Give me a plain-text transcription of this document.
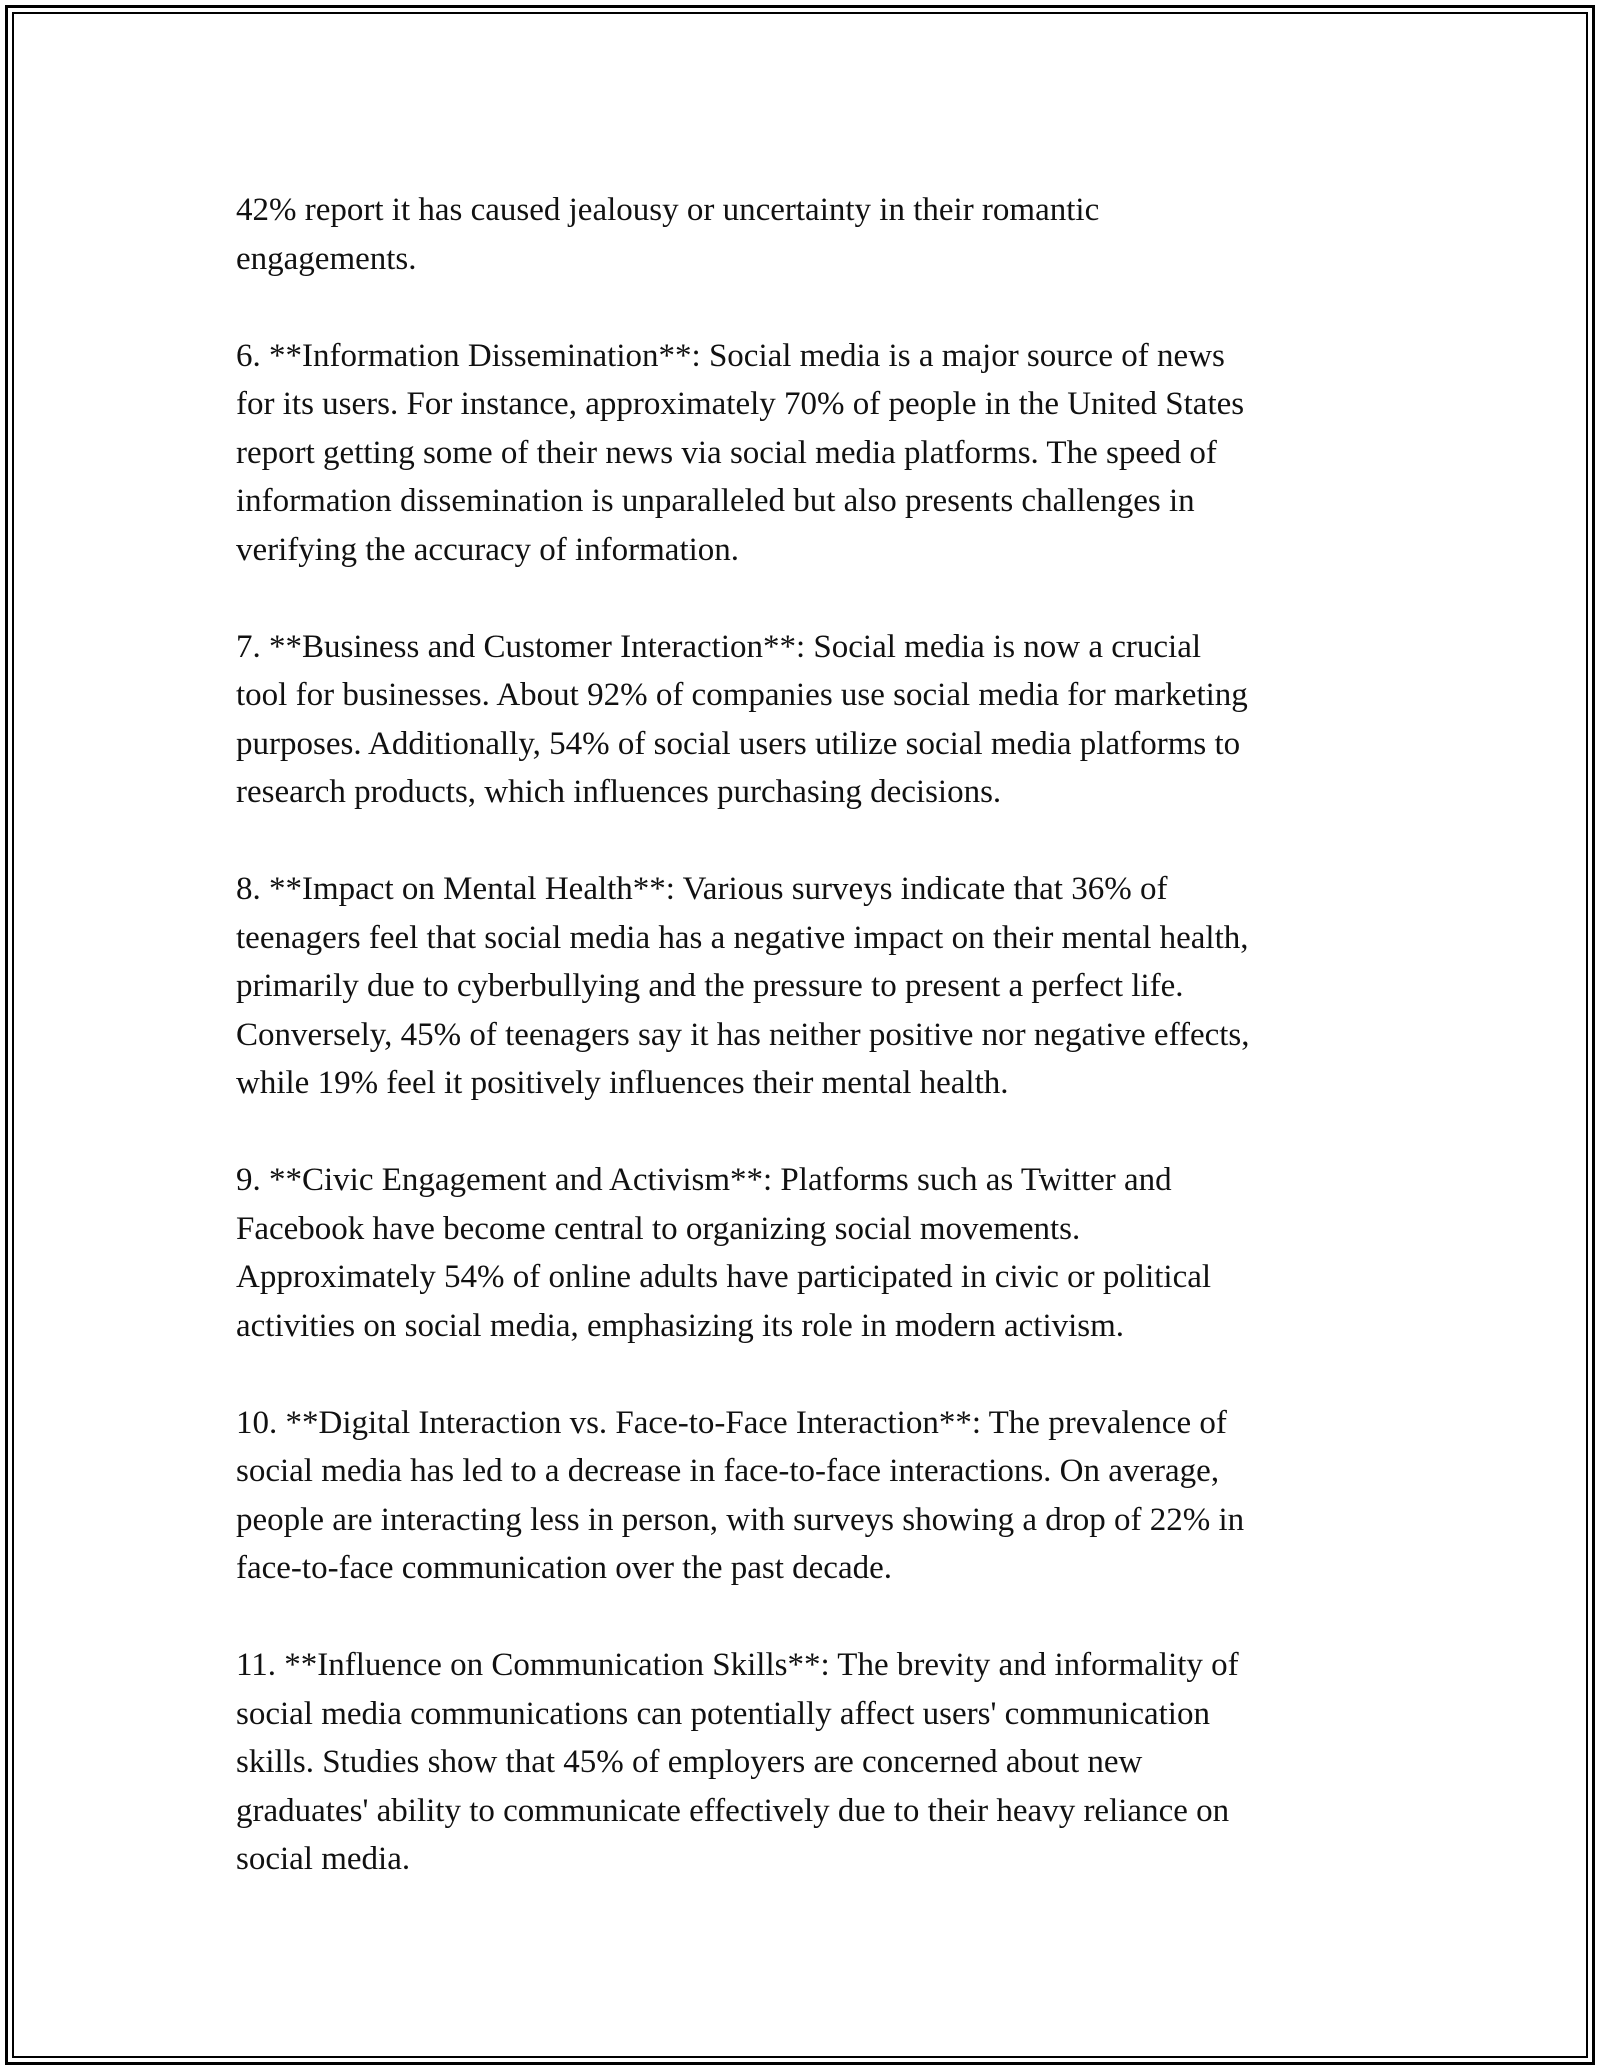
42% report it has caused jealousy or uncertainty in their romantic
engagements.

6. **Information Dissemination**: Social media is a major source of news
for its users. For instance, approximately 70% of people in the United States
report getting some of their news via social media platforms. The speed of
information dissemination is unparalleled but also presents challenges in
verifying the accuracy of information.

7. **Business and Customer Interaction**: Social media is now a crucial
tool for businesses. About 92% of companies use social media for marketing
purposes. Additionally, 54% of social users utilize social media platforms to
research products, which influences purchasing decisions.

8. **Impact on Mental Health**: Various surveys indicate that 36% of
teenagers feel that social media has a negative impact on their mental health,
primarily due to cyberbullying and the pressure to present a perfect life.
Conversely, 45% of teenagers say it has neither positive nor negative effects,
while 19% feel it positively influences their mental health.

9. **Civic Engagement and Activism**: Platforms such as Twitter and
Facebook have become central to organizing social movements.
Approximately 54% of online adults have participated in civic or political
activities on social media, emphasizing its role in modern activism.

10. **Digital Interaction vs. Face-to-Face Interaction**: The prevalence of
social media has led to a decrease in face-to-face interactions. On average,
people are interacting less in person, with surveys showing a drop of 22% in
face-to-face communication over the past decade.

11. **Influence on Communication Skills**: The brevity and informality of
social media communications can potentially affect users' communication
skills. Studies show that 45% of employers are concerned about new
graduates' ability to communicate effectively due to their heavy reliance on
social media.
